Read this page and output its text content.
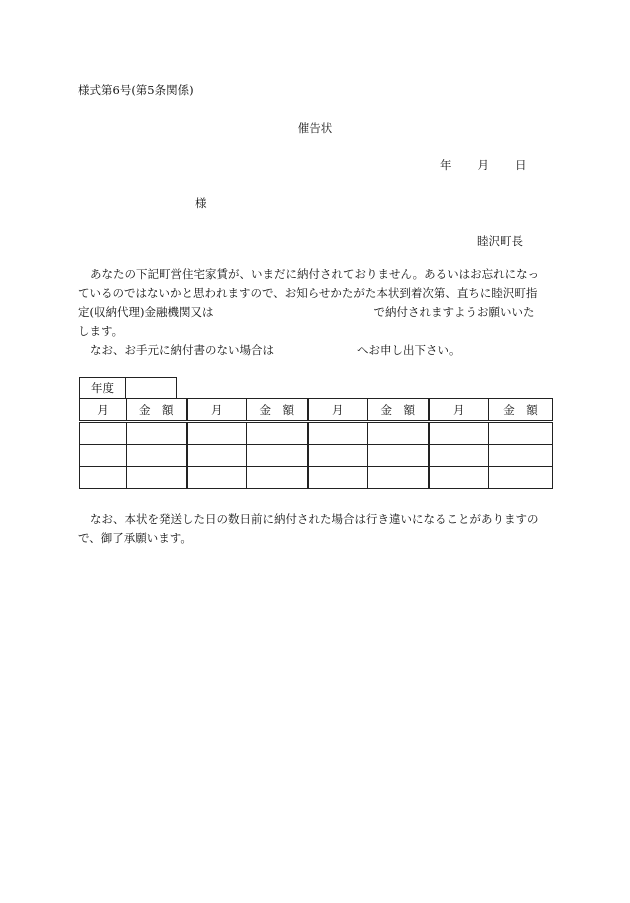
様式第6号(第5条関係)
催告状
年 月 日
様
睦沢町長
あなたの下記町営住宅家賃が、いまだに納付されておりません。あるいはお忘れになっ
ているのではないかと思われますので、お知らせかたがた本状到着次第、直ちに睦沢町指
定(収納代理)金融機関又は	で納付されますようお願いいた
します。
なお、お手元に納付書のない場合は	へお申し出下さい。
年度
月	金　額	月	金　額	月	金　額	月	金　額

なお、本状を発送した日の数日前に納付された場合は行き違いになることがありますの
で、御了承願います。
